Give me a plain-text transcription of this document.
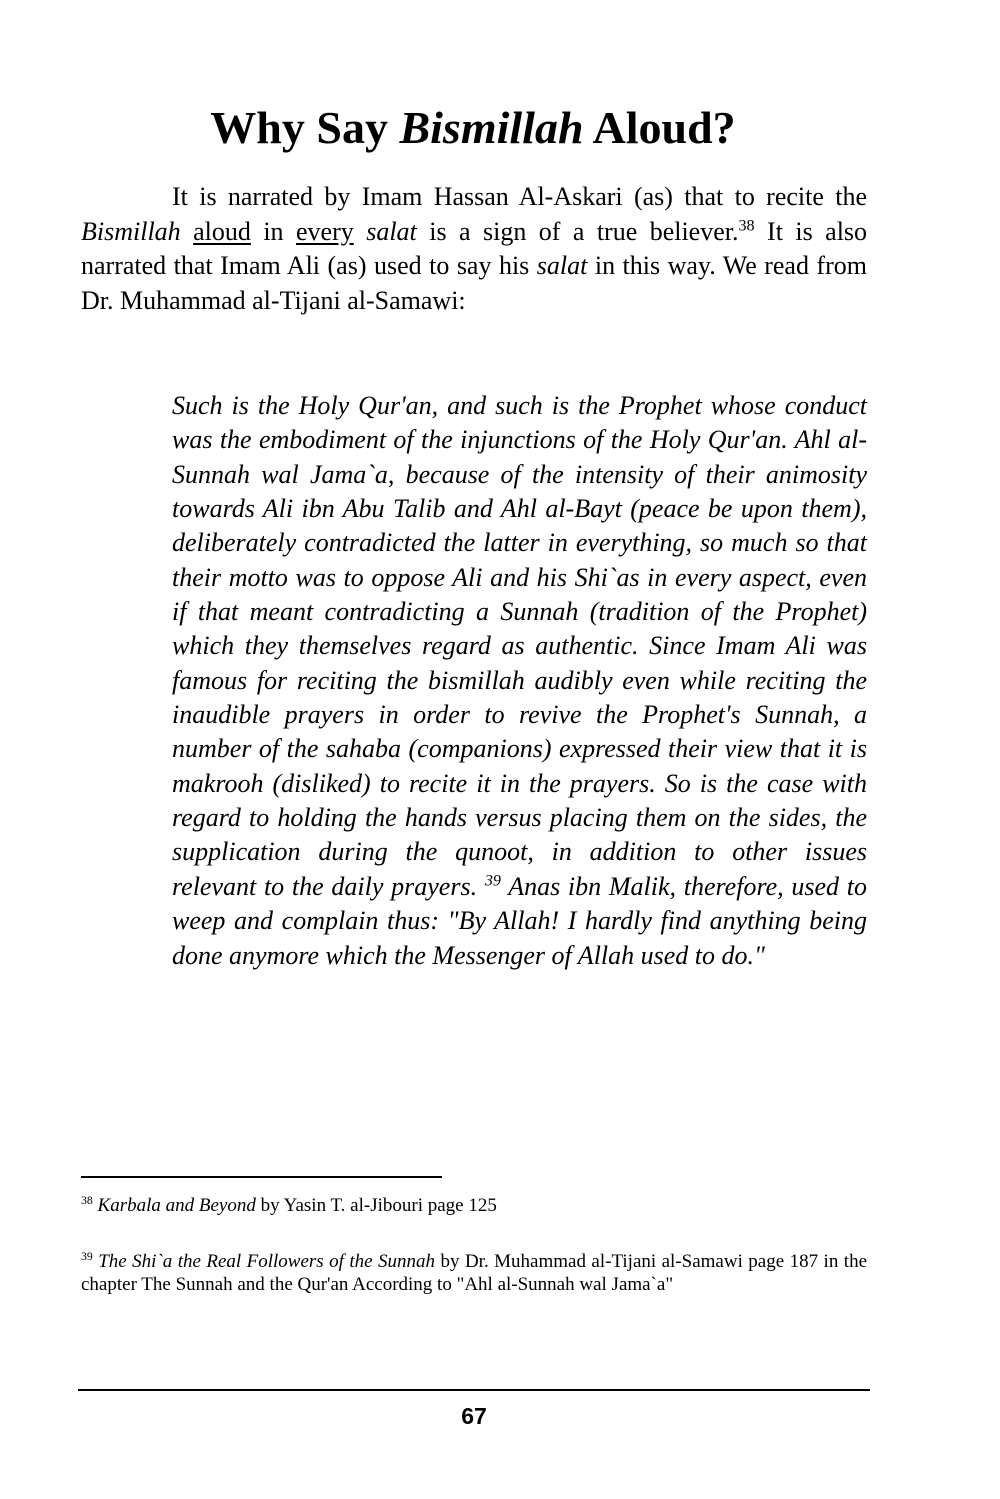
Why Say Bismillah Aloud?

It is narrated by Imam Hassan Al-Askari (as) that to recite the Bismillah aloud in every salat is a sign of a true believer.$^{38}$ It is also narrated that Imam Ali (as) used to say his salat in this way. We read from Dr. Muhammad al-Tijani al-Samawi:

Such is the Holy Qur'an, and such is the Prophet whose conduct was the embodiment of the injunctions of the Holy Qur'an. Ahl al-Sunnah wal Jama`a, because of the intensity of their animosity towards Ali ibn Abu Talib and Ahl al-Bayt (peace be upon them), deliberately contradicted the latter in everything, so much so that their motto was to oppose Ali and his Shi`as in every aspect, even if that meant contradicting a Sunnah (tradition of the Prophet) which they themselves regard as authentic. Since Imam Ali was famous for reciting the bismillah audibly even while reciting the inaudible prayers in order to revive the Prophet's Sunnah, a number of the sahaba (companions) expressed their view that it is makrooh (disliked) to recite it in the prayers. So is the case with regard to holding the hands versus placing them on the sides, the supplication during the qunoot, in addition to other issues relevant to the daily prayers. $^{39}$ Anas ibn Malik, therefore, used to weep and complain thus: "By Allah! I hardly find anything being done anymore which the Messenger of Allah used to do."

$^{38}$ Karbala and Beyond by Yasin T. al-Jibouri page 125

$^{39}$ The Shi`a the Real Followers of the Sunnah by Dr. Muhammad al-Tijani al-Samawi page 187 in the chapter The Sunnah and the Qur'an According to "Ahl al-Sunnah wal Jama`a"

67
